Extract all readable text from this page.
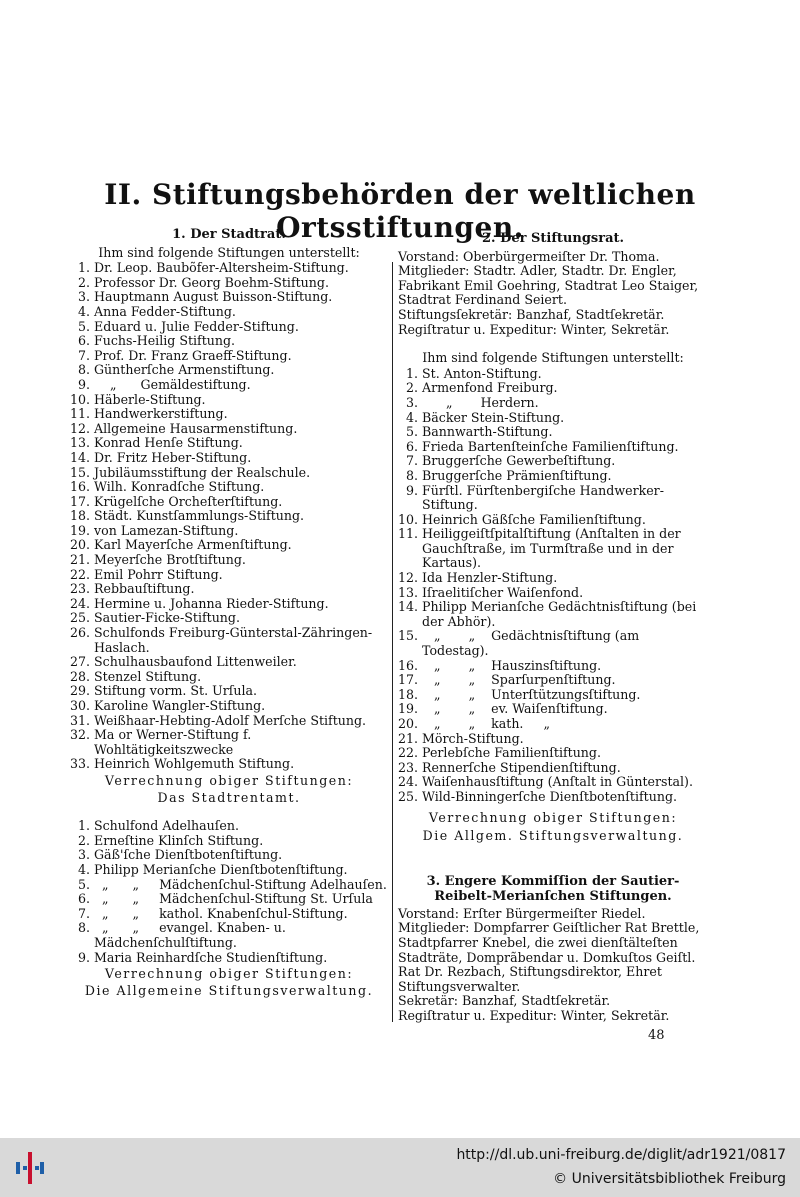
II. Stiftungsbehörden der weltlichen Ortsstiftungen.
1. Der Stadtrat.
Ihm sind folgende Stiftungen unterstellt:
1. Dr. Leop. Baubõfer-Altersheim-Stiftung.
2. Professor Dr. Georg Boehm-Stiftung.
3. Hauptmann August Buisson-Stiftung.
4. Anna Fedder-Stiftung.
5. Eduard u. Julie Fedder-Stiftung.
6. Fuchs-Heilig Stiftung.
7. Prof. Dr. Franz Graeff-Stiftung.
8. Güntherſche Armenstiftung.
9. „      Gemäldestiftung.
10. Häberle-Stiftung.
11. Handwerkerstiftung.
12. Allgemeine Hausarmenstiftung.
13. Konrad Henſe Stiftung.
14. Dr. Fritz Heber-Stiftung.
15. Jubiläumsstiftung der Realschule.
16. Wilh. Konradſche Stiftung.
17. Krügelſche Orcheſterſtiftung.
18. Städt. Kunstſammlungs-Stiftung.
19. von Lamezan-Stiftung.
20. Karl Mayerſche Armenſtiftung.
21. Meyerſche Brotſtiftung.
22. Emil Pohrr Stiftung.
23. Rebbauſtiftung.
24. Hermine u. Johanna Rieder-Stiftung.
25. Sautier-Ficke-Stiftung.
26. Schulfonds Freiburg-Günterstal-Zähringen-Haslach.
27. Schulhausbaufond Littenweiler.
28. Stenzel Stiftung.
29. Stiftung vorm. St. Urſula.
30. Karoline Wangler-Stiftung.
31. Weißhaar-Hebting-Adolf Merſche Stiftung.
32. Ma or Werner-Stiftung f. Wohltätigkeitszwecke
33. Heinrich Wohlgemuth Stiftung.
Verrechnung obiger Stiftungen:
Das Stadtrentamt.
1. Schulfond Adelhauſen.
2. Erneſtine Klinſch Stiftung.
3. Gäß'ſche Dienſtbotenſtiftung.
4. Philipp Merianſche Dienſtbotenſtiftung.
5. „      „     Mädchenſchul-Stiftung Adelhauſen.
6. „      „     Mädchenſchul-Stiftung St. Urſula
7. „      „     kathol. Knabenſchul-Stiftung.
8. „      „     evangel. Knaben- u. Mädchenſchulſtiftung.
9. Maria Reinhardſche Studienſtiftung.
Verrechnung obiger Stiftungen:
Die Allgemeine Stiftungsverwaltung.
2. Der Stiftungsrat.

Vorstand: Oberbürgermeiſter Dr. Thoma.

Mitglieder: Stadtr. Adler, Stadtr. Dr. Engler, Fabrikant Emil Goehring, Stadtrat Leo Staiger, Stadtrat Ferdinand Seiert.

Stiftungsſekretär: Banzhaf, Stadtſekretär.

Regiſtratur u. Expeditur: Winter, Sekretär.

Ihm sind folgende Stiftungen unterstellt:
1. St. Anton-Stiftung.
2. Armenfond Freiburg.
3. „       Herdern.
4. Bäcker Stein-Stiftung.
5. Bannwarth-Stiftung.
6. Frieda Bartenſteinſche Familienſtiftung.
7. Bruggerſche Gewerbeſtiftung.
8. Bruggerſche Prämienſtiftung.
9. Fürſtl. Fürſtenbergiſche Handwerker-Stiftung.
10. Heinrich Gäßſche Familienſtiftung.
11. Heiliggeiſtſpitalſtiftung (Anſtalten in der Gauchſtraße, im Turmſtraße und in der Kartaus).
12. Ida Henzler-Stiftung.
13. Iſraelitiſcher Waiſenfond.
14. Philipp Merianſche Gedächtnisſtiftung (bei der Abhör).
15. „       „    Gedächtnisſtiftung (am Todestag).
16. „       „    Hauszinsſtiftung.
17. „       „    Sparſurpenſtiftung.
18. „       „    Unterſtützungsſtiftung.
19. „       „    ev. Waiſenſtiftung.
20. „       „    kath.     „
21. Mörch-Stiftung.
22. Perlebſche Familienſtiftung.
23. Rennerſche Stipendienſtiftung.
24. Waiſenhausſtiftung (Anſtalt in Günterstal).
25. Wild-Binningerſche Dienſtbotenſtiftung.
Verrechnung obiger Stiftungen:
Die Allgem. Stiftungsverwaltung.
3. Engere Kommiſſion der Sautier-Reibelt-Merianſchen Stiftungen.

Vorstand: Erſter Bürgermeiſter Riedel.

Mitglieder: Dompfarrer Geiſtlicher Rat Brettle, Stadtpfarrer Knebel, die zwei dienſtälteſten Stadträte, Domprãbendar u. Domkuſtos Geiſtl. Rat Dr. Rezbach, Stiftungsdirektor, Ehret Stiftungsverwalter.

Sekretär: Banzhaf, Stadtſekretär.

Regiſtratur u. Expeditur: Winter, Sekretär.

48
http://dl.ub.uni-freiburg.de/diglit/adr1921/0817
© Universitätsbibliothek Freiburg
